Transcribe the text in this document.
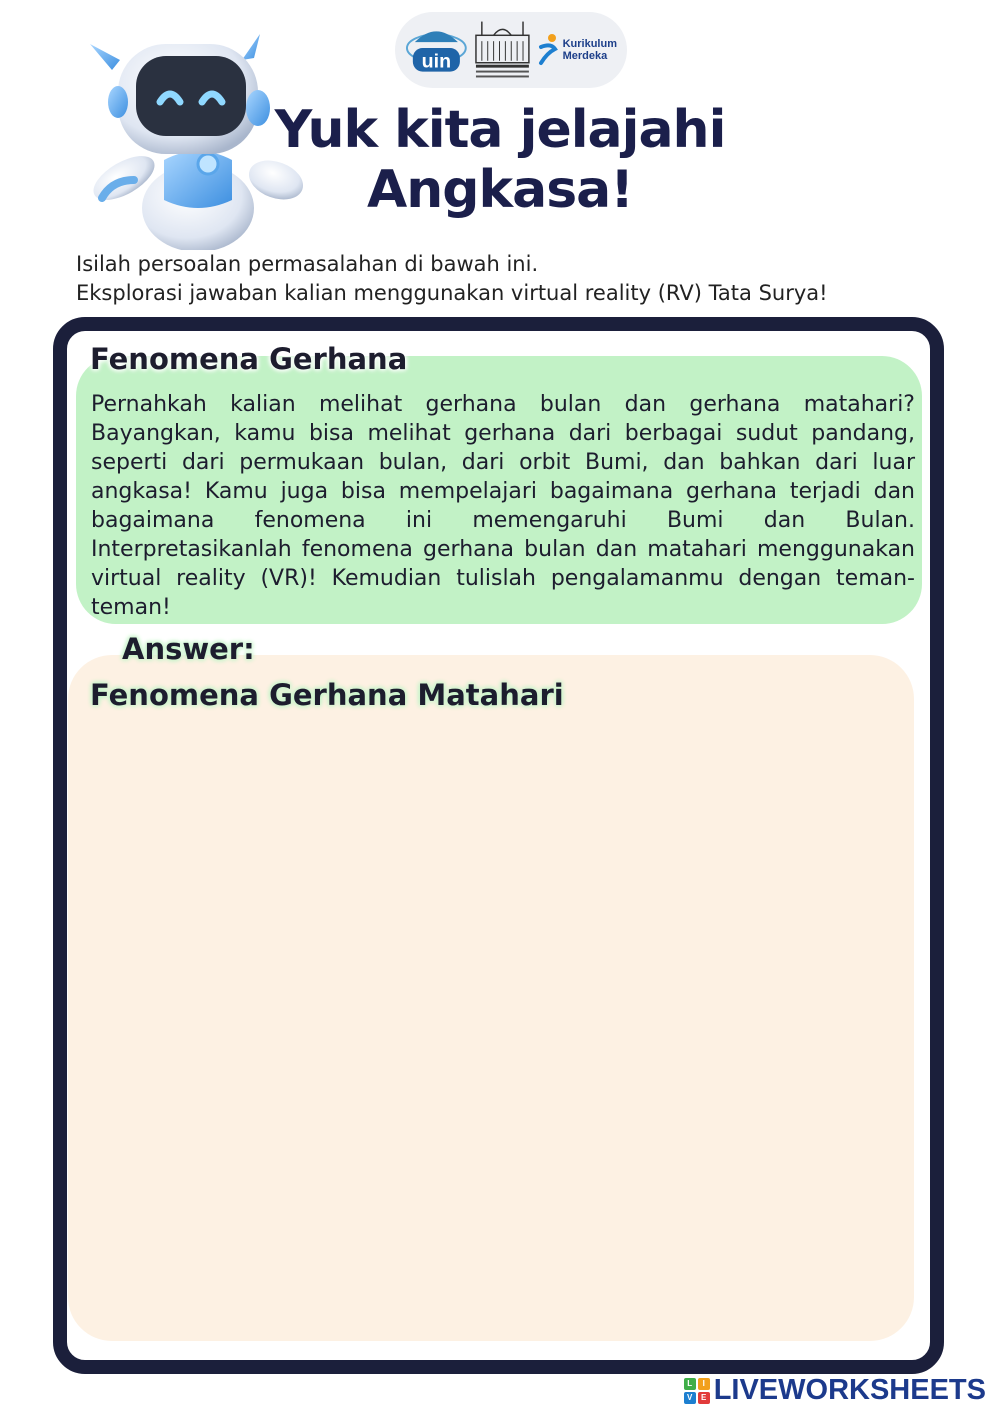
uin
Kurikulum
Merdeka
Yuk kita jelajahi
Angkasa!
Isilah persoalan permasalahan di bawah ini.
Eksplorasi jawaban kalian menggunakan virtual reality (RV) Tata Surya!
Fenomena Gerhana
Pernahkah kalian melihat gerhana bulan dan gerhana matahari? Bayangkan, kamu bisa melihat gerhana dari berbagai sudut pandang, seperti dari permukaan bulan, dari orbit Bumi, dan bahkan dari luar angkasa! Kamu juga bisa mempelajari bagaimana gerhana terjadi dan bagaimana fenomena ini memengaruhi Bumi dan Bulan. Interpretasikanlah fenomena gerhana bulan dan matahari menggunakan virtual reality (VR)! Kemudian tulislah pengalamanmu dengan teman-teman!
Answer:
Fenomena Gerhana Matahari
L	I
V	E LIVEWORKSHEETS
